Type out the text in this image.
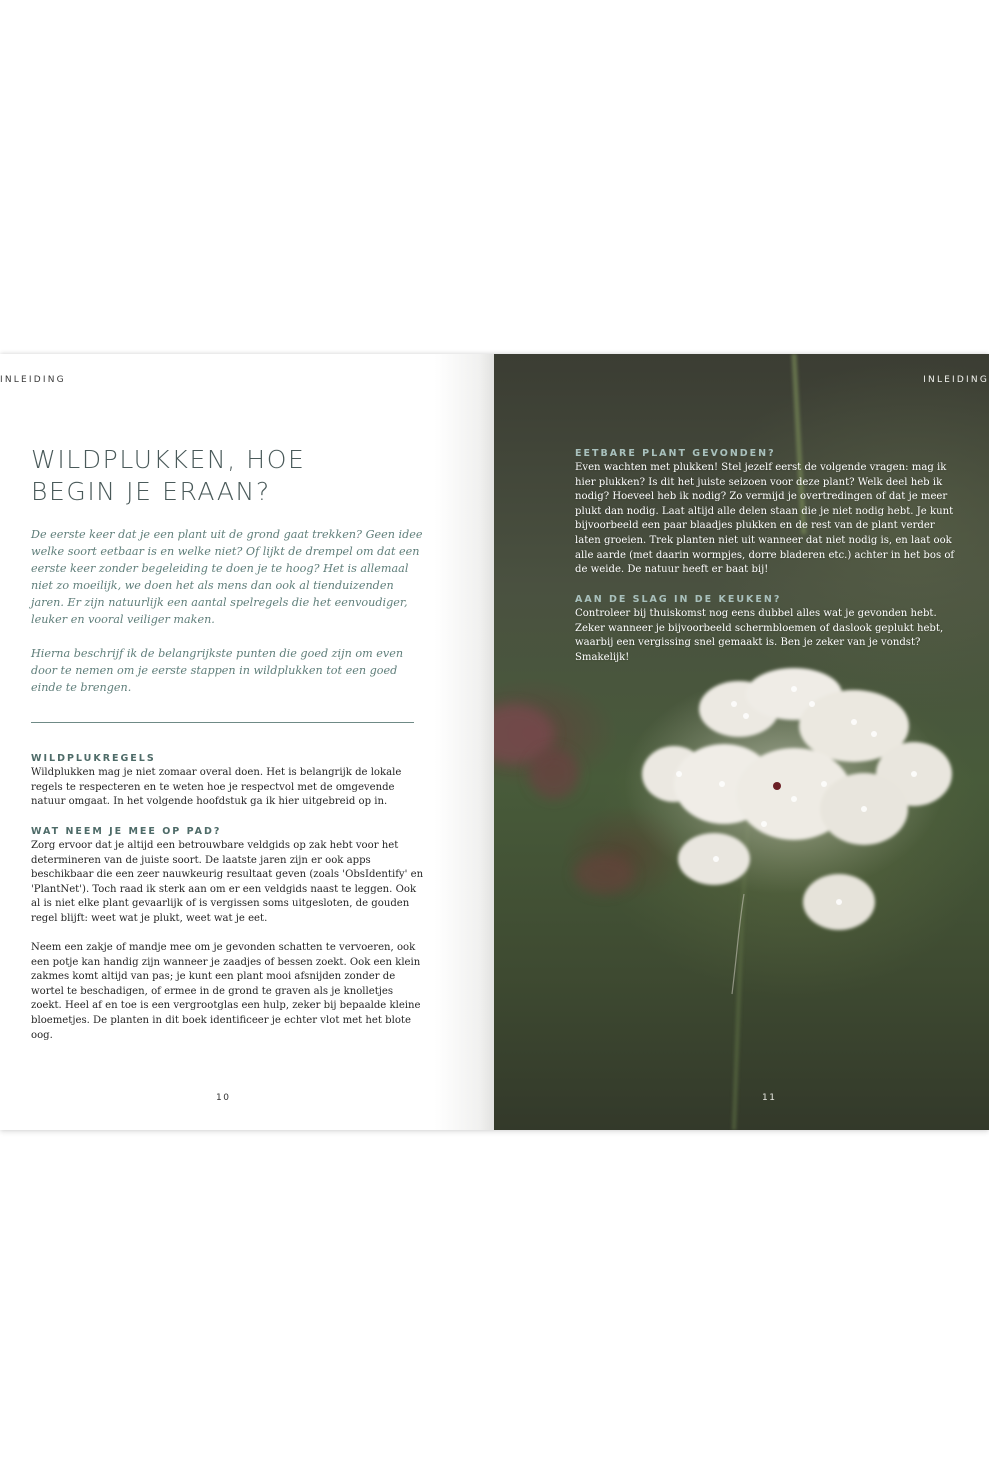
INLEIDING
WILDPLUKKEN, HOE
BEGIN JE ERAAN?

De eerste keer dat je een plant uit de grond gaat trekken? Geen idee welke soort eetbaar is en welke niet? Of lijkt de drempel om dat een eerste keer zonder begeleiding te doen je te hoog? Het is allemaal niet zo moeilijk, we doen het als mens dan ook al tienduizenden jaren. Er zijn natuurlijk een aantal spelregels die het eenvoudiger, leuker en vooral veiliger maken.

Hierna beschrijf ik de belangrijkste punten die goed zijn om even door te nemen om je eerste stappen in wildplukken tot een goed einde te brengen.

WILDPLUKREGELS

Wildplukken mag je niet zomaar overal doen. Het is belangrijk de lokale regels te respecteren en te weten hoe je respectvol met de omgevende natuur omgaat. In het volgende hoofdstuk ga ik hier uitgebreid op in.

WAT NEEM JE MEE OP PAD?

Zorg ervoor dat je altijd een betrouwbare veldgids op zak hebt voor het determineren van de juiste soort. De laatste jaren zijn er ook apps beschikbaar die een zeer nauwkeurig resultaat geven (zoals 'ObsIdentify' en 'PlantNet'). Toch raad ik sterk aan om er een veldgids naast te leggen. Ook al is niet elke plant gevaarlijk of is vergissen soms uitgesloten, de gouden regel blijft: weet wat je plukt, weet wat je eet.

Neem een zakje of mandje mee om je gevonden schatten te vervoeren, ook een potje kan handig zijn wanneer je zaadjes of bessen zoekt. Ook een klein zakmes komt altijd van pas; je kunt een plant mooi afsnijden zonder de wortel te beschadigen, of ermee in de grond te graven als je knolletjes zoekt. Heel af en toe is een vergrootglas een hulp, zeker bij bepaalde kleine bloemetjes. De planten in dit boek identificeer je echter vlot met het blote oog.

10
INLEIDING
EETBARE PLANT GEVONDEN?

Even wachten met plukken! Stel jezelf eerst de volgende vragen: mag ik hier plukken? Is dit het juiste seizoen voor deze plant? Welk deel heb ik nodig? Hoeveel heb ik nodig? Zo vermijd je overtredingen of dat je meer plukt dan nodig. Laat altijd alle delen staan die je niet nodig hebt. Je kunt bijvoorbeeld een paar blaadjes plukken en de rest van de plant verder laten groeien. Trek planten niet uit wanneer dat niet nodig is, en laat ook alle aarde (met daarin wormpjes, dorre bladeren etc.) achter in het bos of de weide. De natuur heeft er baat bij!

AAN DE SLAG IN DE KEUKEN?

Controleer bij thuiskomst nog eens dubbel alles wat je gevonden hebt. Zeker wanneer je bijvoorbeeld schermbloemen of daslook geplukt hebt, waarbij een vergissing snel gemaakt is. Ben je zeker van je vondst? Smakelijk!

11
